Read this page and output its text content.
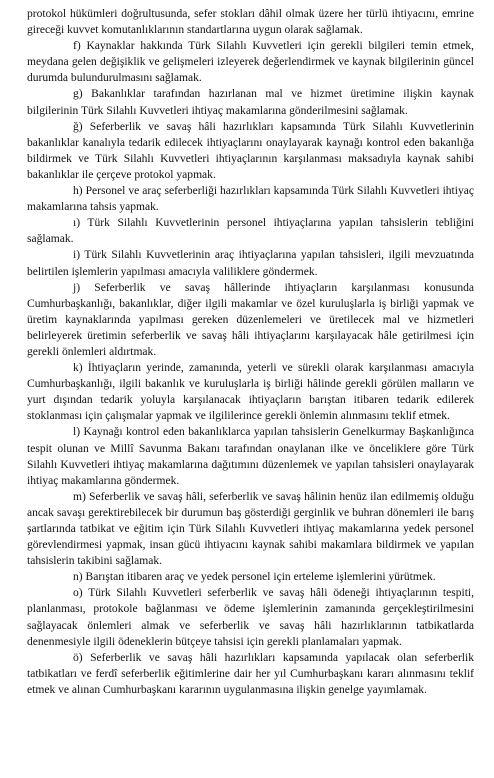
protokol hükümleri doğrultusunda, sefer stokları dâhil olmak üzere her türlü ihtiyacını, emrine gireceği kuvvet komutanlıklarının standartlarına uygun olarak sağlamak.

f) Kaynaklar hakkında Türk Silahlı Kuvvetleri için gerekli bilgileri temin etmek, meydana gelen değişiklik ve gelişmeleri izleyerek değerlendirmek ve kaynak bilgilerinin güncel durumda bulundurulmasını sağlamak.

g) Bakanlıklar tarafından hazırlanan mal ve hizmet üretimine ilişkin kaynak bilgilerinin Türk Silahlı Kuvvetleri ihtiyaç makamlarına gönderilmesini sağlamak.

ğ) Seferberlik ve savaş hâli hazırlıkları kapsamında Türk Silahlı Kuvvetlerinin bakanlıklar kanalıyla tedarik edilecek ihtiyaçlarını onaylayarak kaynağı kontrol eden bakanlığa bildirmek ve Türk Silahlı Kuvvetleri ihtiyaçlarının karşılanması maksadıyla kaynak sahibi bakanlıklar ile çerçeve protokol yapmak.

h) Personel ve araç seferberliği hazırlıkları kapsamında Türk Silahlı Kuvvetleri ihtiyaç makamlarına tahsis yapmak.

ı) Türk Silahlı Kuvvetlerinin personel ihtiyaçlarına yapılan tahsislerin tebliğini sağlamak.

i) Türk Silahlı Kuvvetlerinin araç ihtiyaçlarına yapılan tahsisleri, ilgili mevzuatında belirtilen işlemlerin yapılması amacıyla valiliklere göndermek.

j) Seferberlik ve savaş hâllerinde ihtiyaçların karşılanması konusunda Cumhurbaşkanlığı, bakanlıklar, diğer ilgili makamlar ve özel kuruluşlarla iş birliği yapmak ve üretim kaynaklarında yapılması gereken düzenlemeleri ve üretilecek mal ve hizmetleri belirleyerek üretimin seferberlik ve savaş hâli ihtiyaçlarını karşılayacak hâle getirilmesi için gerekli önlemleri aldırtmak.

k) İhtiyaçların yerinde, zamanında, yeterli ve sürekli olarak karşılanması amacıyla Cumhurbaşkanlığı, ilgili bakanlık ve kuruluşlarla iş birliği hâlinde gerekli görülen malların ve yurt dışından tedarik yoluyla karşılanacak ihtiyaçların barıştan itibaren tedarik edilerek stoklanması için çalışmalar yapmak ve ilgililerince gerekli önlemin alınmasını teklif etmek.

l) Kaynağı kontrol eden bakanlıklarca yapılan tahsislerin Genelkurmay Başkanlığınca tespit olunan ve Millî Savunma Bakanı tarafından onaylanan ilke ve önceliklere göre Türk Silahlı Kuvvetleri ihtiyaç makamlarına dağıtımını düzenlemek ve yapılan tahsisleri onaylayarak ihtiyaç makamlarına göndermek.

m) Seferberlik ve savaş hâli, seferberlik ve savaş hâlinin henüz ilan edilmemiş olduğu ancak savaşı gerektirebilecek bir durumun baş gösterdiği gerginlik ve buhran dönemleri ile barış şartlarında tatbikat ve eğitim için Türk Silahlı Kuvvetleri ihtiyaç makamlarına yedek personel görevlendirmesi yapmak, insan gücü ihtiyacını kaynak sahibi makamlara bildirmek ve yapılan tahsislerin takibini sağlamak.

n) Barıştan itibaren araç ve yedek personel için erteleme işlemlerini yürütmek.

o) Türk Silahlı Kuvvetleri seferberlik ve savaş hâli ödeneği ihtiyaçlarının tespiti, planlanması, protokole bağlanması ve ödeme işlemlerinin zamanında gerçekleştirilmesini sağlayacak önlemleri almak ve seferberlik ve savaş hâli hazırlıklarının tatbikatlarda denenmesiyle ilgili ödeneklerin bütçeye tahsisi için gerekli planlamaları yapmak.

ö) Seferberlik ve savaş hâli hazırlıkları kapsamında yapılacak olan seferberlik tatbikatları ve ferdî seferberlik eğitimlerine dair her yıl Cumhurbaşkanı kararı alınmasını teklif etmek ve alınan Cumhurbaşkanı kararının uygulanmasına ilişkin genelge yayımlamak.
